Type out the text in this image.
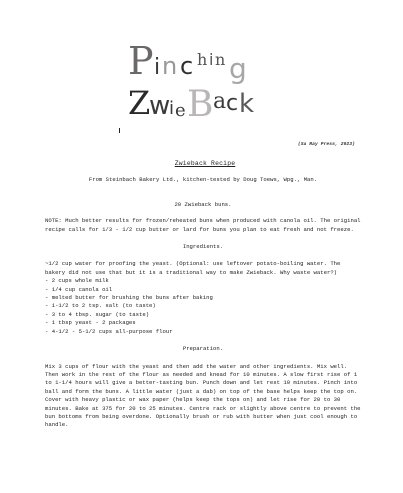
P i n c h i n g
Z
w
i e B a c k
(Sa Ray Press, 2023)

Zwieback Recipe

From Steinbach Bakery Ltd., kitchen-tested by Doug Toews, Wpg., Man.

20 Zwieback buns.

NOTE: Much better results for frozen/reheated buns when produced with canola oil. The original recipe calls for 1/3 - 1/2 cup butter or lard for buns you plan to eat fresh and not freeze.

Ingredients.

~1/2 cup water for proofing the yeast. (Optional: use leftover potato-boiling water. The bakery did not use that but it is a traditional way to make Zwieback. Why waste water?)
- 2 cups whole milk
- 1/4 cup canola oil
- melted butter for brushing the buns after baking
- 1-1/2 to 2 tsp. salt (to taste)
- 3 to 4 tbsp. sugar (to taste)
- 1 tbsp yeast - 2 packages
- 4-1/2 - 5-1/2 cups all-purpose flour

Preparation.

Mix 3 cups of flour with the yeast and then add the water and other ingredients. Mix well. Then work in the rest of the flour as needed and knead for 10 minutes. A slow first rise of 1 to 1-1/4 hours will give a better-tasting bun. Punch down and let rest 10 minutes. Pinch into ball and form the buns. A little water (just a dab) on top of the base helps keep the top on. Cover with heavy plastic or wax paper (helps keep the tops on) and let rise for 20 to 30 minutes. Bake at 375 for 20 to 25 minutes. Centre rack or slightly above centre to prevent the bun bottoms from being overdone. Optionally brush or rub with butter when just cool enough to handle.
